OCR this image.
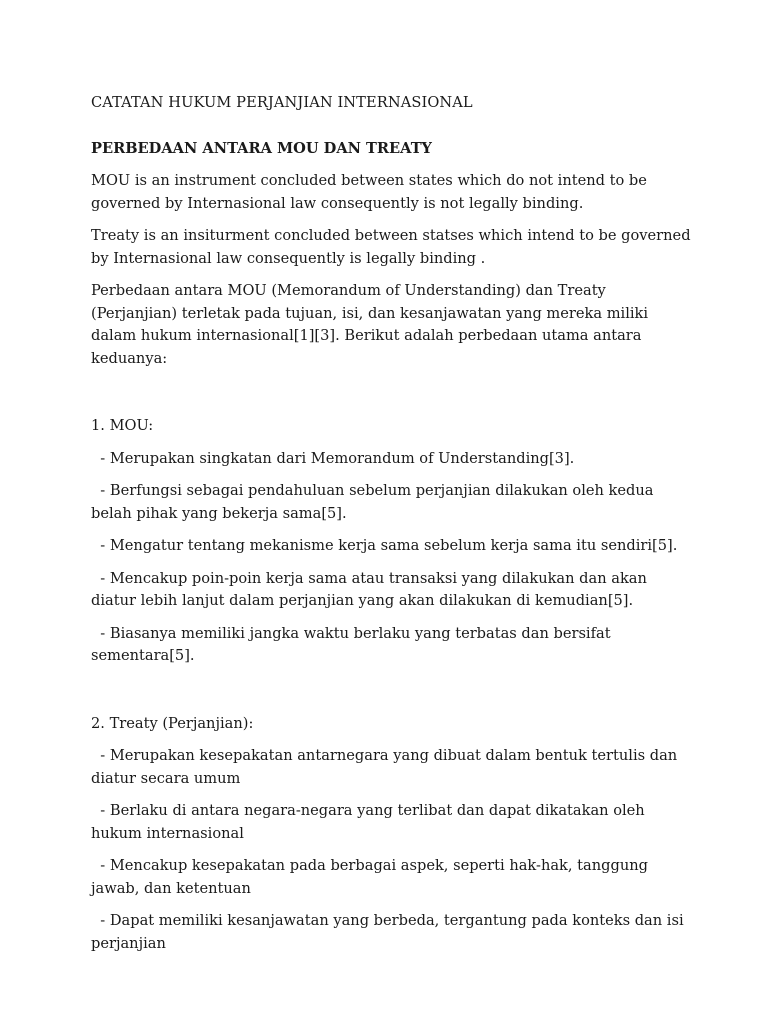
CATATAN HUKUM PERJANJIAN INTERNASIONAL

PERBEDAAN ANTARA MOU DAN TREATY

MOU is an instrument concluded between states which do not intend to be governed by Internasional law consequently is not legally binding.

Treaty is an insiturment concluded between statses which intend to be governed by Internasional law consequently is legally binding .

Perbedaan antara MOU (Memorandum of Understanding) dan Treaty (Perjanjian) terletak pada tujuan, isi, dan kesanjawatan yang mereka miliki dalam hukum internasional[1][3]. Berikut adalah perbedaan utama antara keduanya:

1. MOU:

- Merupakan singkatan dari Memorandum of Understanding[3].

- Berfungsi sebagai pendahuluan sebelum perjanjian dilakukan oleh kedua belah pihak yang bekerja sama[5].

- Mengatur tentang mekanisme kerja sama sebelum kerja sama itu sendiri[5].

- Mencakup poin-poin kerja sama atau transaksi yang dilakukan dan akan diatur lebih lanjut dalam perjanjian yang akan dilakukan di kemudian[5].

- Biasanya memiliki jangka waktu berlaku yang terbatas dan bersifat sementara[5].

2. Treaty (Perjanjian):

- Merupakan kesepakatan antarnegara yang dibuat dalam bentuk tertulis dan diatur secara umum

- Berlaku di antara negara-negara yang terlibat dan dapat dikatakan oleh hukum internasional

- Mencakup kesepakatan pada berbagai aspek, seperti hak-hak, tanggung jawab, dan ketentuan

- Dapat memiliki kesanjawatan yang berbeda, tergantung pada konteks dan isi perjanjian
